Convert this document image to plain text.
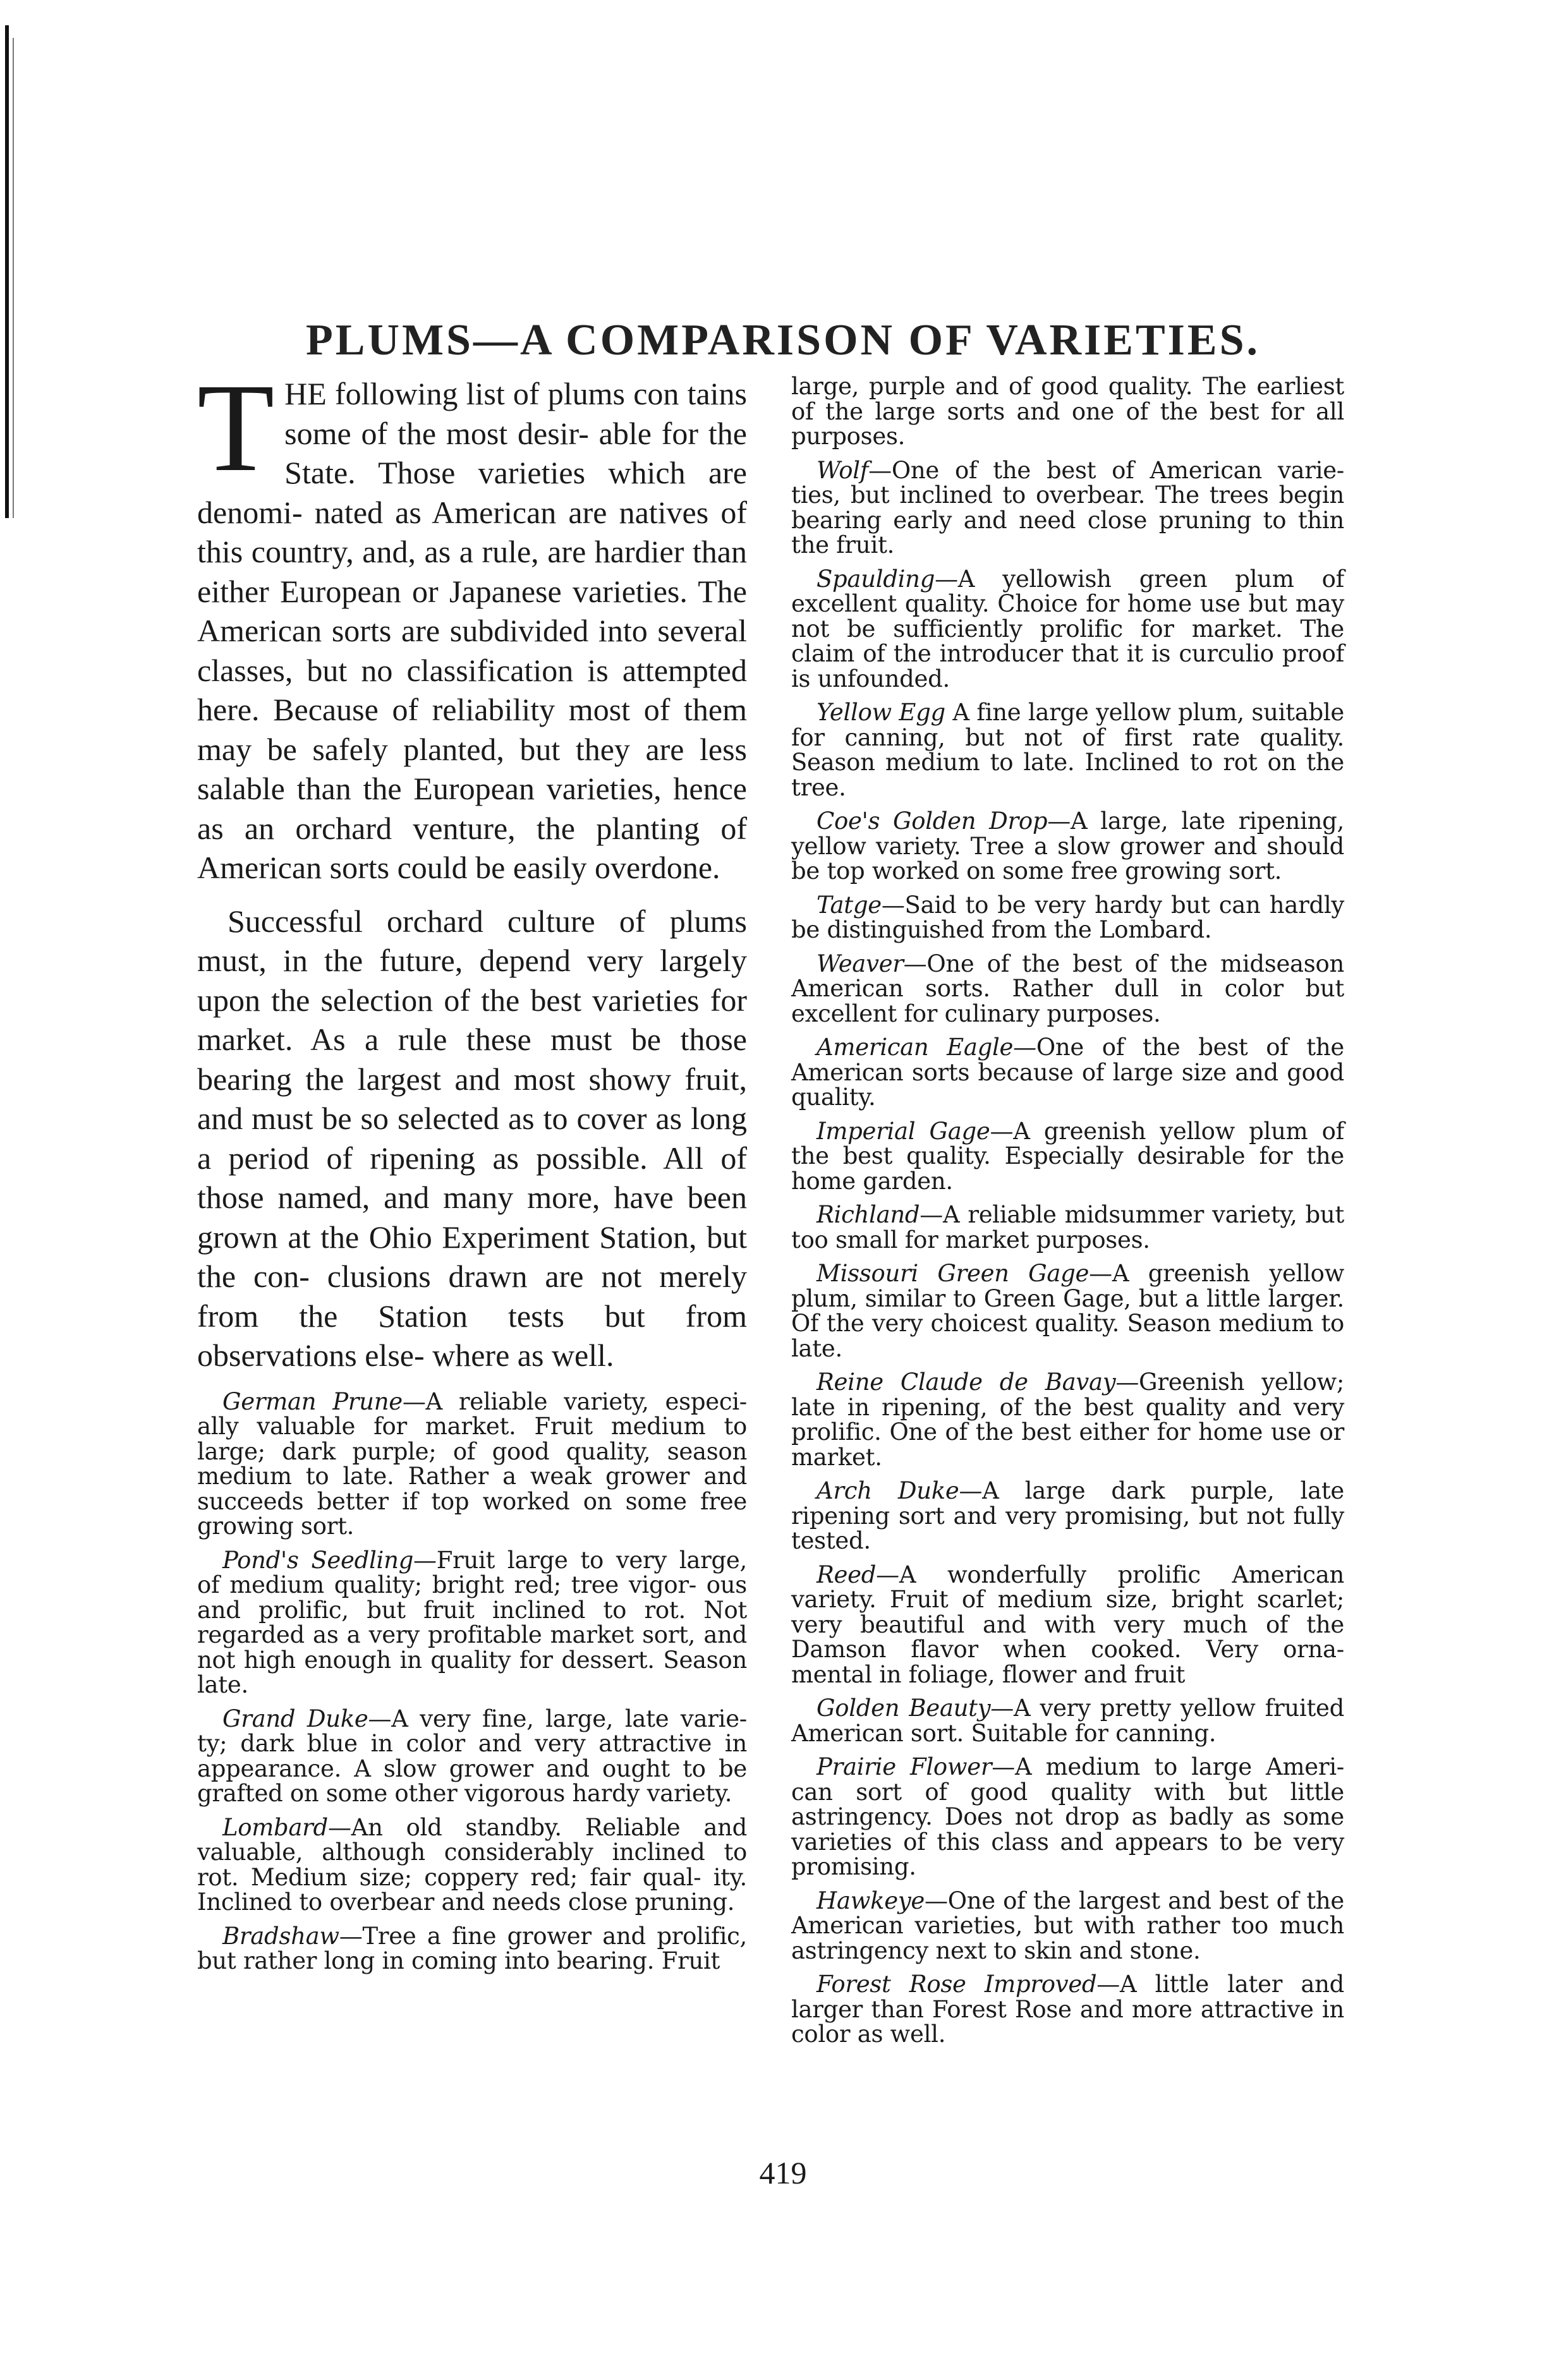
PLUMS—A COMPARISON OF VARIETIES.

THE following list of plums con tains some of the most desir- able for the State. Those varieties which are denomi- nated as American are natives of this country, and, as a rule, are hardier than either European or Japanese varieties. The American sorts are subdivided into several classes, but no classification is attempted here. Because of reliability most of them may be safely planted, but they are less salable than the European varieties, hence as an orchard venture, the planting of American sorts could be easily overdone.

Successful orchard culture of plums must, in the future, depend very largely upon the selection of the best varieties for market. As a rule these must be those bearing the largest and most showy fruit, and must be so selected as to cover as long a period of ripening as possible. All of those named, and many more, have been grown at the Ohio Experiment Station, but the con- clusions drawn are not merely from the Station tests but from observations else- where as well.

German Prune—A reliable variety, especi- ally valuable for market. Fruit medium to large; dark purple; of good quality, season medium to late. Rather a weak grower and succeeds better if top worked on some free growing sort.

Pond's Seedling—Fruit large to very large, of medium quality; bright red; tree vigor- ous and prolific, but fruit inclined to rot. Not regarded as a very profitable market sort, and not high enough in quality for dessert. Season late.

Grand Duke—A very fine, large, late varie- ty; dark blue in color and very attractive in appearance. A slow grower and ought to be grafted on some other vigorous hardy variety.

Lombard—An old standby. Reliable and valuable, although considerably inclined to rot. Medium size; coppery red; fair qual- ity. Inclined to overbear and needs close pruning.

Bradshaw—Tree a fine grower and prolific, but rather long in coming into bearing. Fruit

large, purple and of good quality. The earliest of the large sorts and one of the best for all purposes.

Wolf—One of the best of American varie- ties, but inclined to overbear. The trees begin bearing early and need close pruning to thin the fruit.

Spaulding—A yellowish green plum of excellent quality. Choice for home use but may not be sufficiently prolific for market. The claim of the introducer that it is curculio proof is unfounded.

Yellow Egg A fine large yellow plum, suitable for canning, but not of first rate quality. Season medium to late. Inclined to rot on the tree.

Coe's Golden Drop—A large, late ripening, yellow variety. Tree a slow grower and should be top worked on some free growing sort.

Tatge—Said to be very hardy but can hardly be distinguished from the Lombard.

Weaver—One of the best of the midseason American sorts. Rather dull in color but excellent for culinary purposes.

American Eagle—One of the best of the American sorts because of large size and good quality.

Imperial Gage—A greenish yellow plum of the best quality. Especially desirable for the home garden.

Richland—A reliable midsummer variety, but too small for market purposes.

Missouri Green Gage—A greenish yellow plum, similar to Green Gage, but a little larger. Of the very choicest quality. Season medium to late.

Reine Claude de Bavay—Greenish yellow; late in ripening, of the best quality and very prolific. One of the best either for home use or market.

Arch Duke—A large dark purple, late ripening sort and very promising, but not fully tested.

Reed—A wonderfully prolific American variety. Fruit of medium size, bright scarlet; very beautiful and with very much of the Damson flavor when cooked. Very orna- mental in foliage, flower and fruit

Golden Beauty—A very pretty yellow fruited American sort. Suitable for canning.

Prairie Flower—A medium to large Ameri- can sort of good quality with but little astringency. Does not drop as badly as some varieties of this class and appears to be very promising.

Hawkeye—One of the largest and best of the American varieties, but with rather too much astringency next to skin and stone.

Forest Rose Improved—A little later and larger than Forest Rose and more attractive in color as well.

419
